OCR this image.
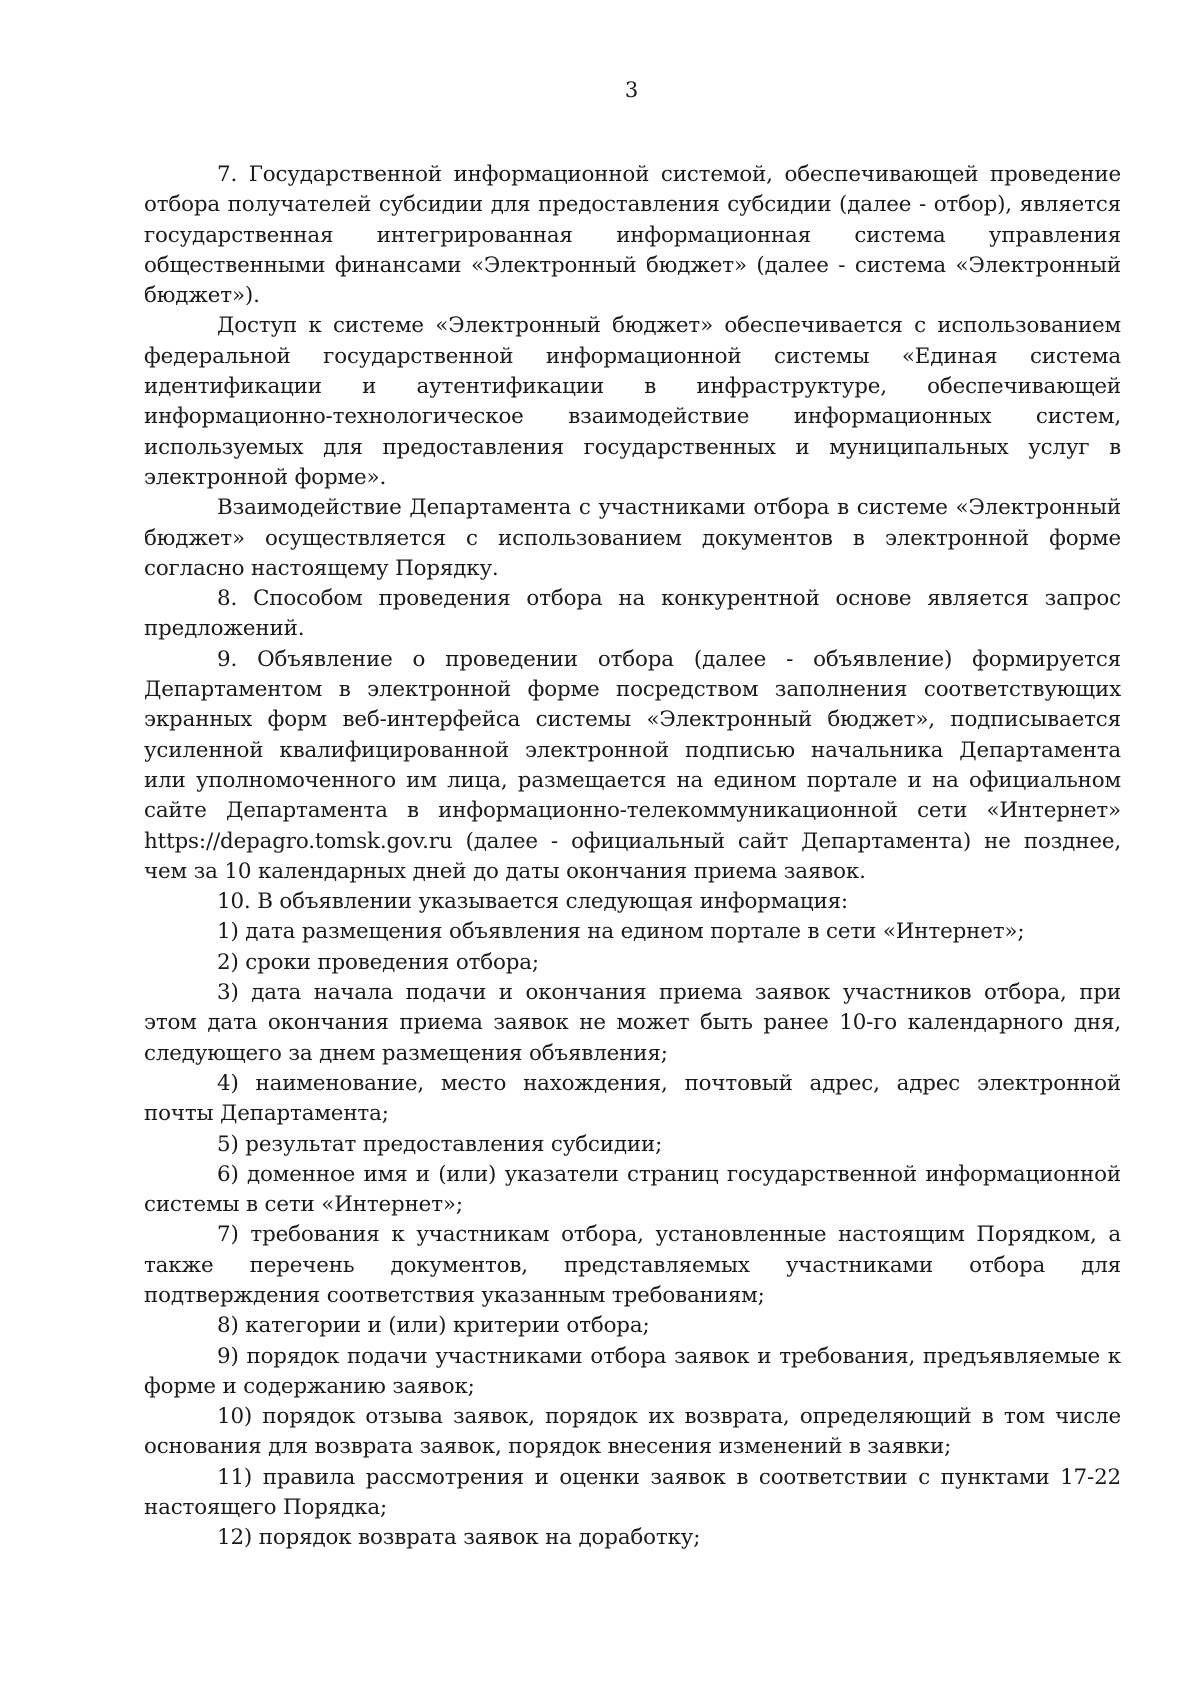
3

7. Государственной информационной системой, обеспечивающей проведение отбора получателей субсидии для предоставления субсидии (далее - отбор), является государственная интегрированная информационная система управления общественными финансами «Электронный бюджет» (далее - система «Электронный бюджет»).

Доступ к системе «Электронный бюджет» обеспечивается с использованием федеральной государственной информационной системы «Единая система идентификации и аутентификации в инфраструктуре, обеспечивающей информационно-технологическое взаимодействие информационных систем, используемых для предоставления государственных и муниципальных услуг в электронной форме».

Взаимодействие Департамента с участниками отбора в системе «Электронный бюджет» осуществляется с использованием документов в электронной форме согласно настоящему Порядку.

8. Способом проведения отбора на конкурентной основе является запрос предложений.

9. Объявление о проведении отбора (далее - объявление) формируется Департаментом в электронной форме посредством заполнения соответствующих экранных форм веб-интерфейса системы «Электронный бюджет», подписывается усиленной квалифицированной электронной подписью начальника Департамента или уполномоченного им лица, размещается на едином портале и на официальном сайте Департамента в информационно-телекоммуникационной сети «Интернет» https://depagro.tomsk.gov.ru (далее - официальный сайт Департамента) не позднее, чем за 10 календарных дней до даты окончания приема заявок.

10. В объявлении указывается следующая информация:

1) дата размещения объявления на едином портале в сети «Интернет»;

2) сроки проведения отбора;

3) дата начала подачи и окончания приема заявок участников отбора, при этом дата окончания приема заявок не может быть ранее 10-го календарного дня, следующего за днем размещения объявления;

4) наименование, место нахождения, почтовый адрес, адрес электронной почты Департамента;

5) результат предоставления субсидии;

6) доменное имя и (или) указатели страниц государственной информационной системы в сети «Интернет»;

7) требования к участникам отбора, установленные настоящим Порядком, а также перечень документов, представляемых участниками отбора для подтверждения соответствия указанным требованиям;

8) категории и (или) критерии отбора;

9) порядок подачи участниками отбора заявок и требования, предъявляемые к форме и содержанию заявок;

10) порядок отзыва заявок, порядок их возврата, определяющий в том числе основания для возврата заявок, порядок внесения изменений в заявки;

11) правила рассмотрения и оценки заявок в соответствии с пунктами 17-22 настоящего Порядка;

12) порядок возврата заявок на доработку;
